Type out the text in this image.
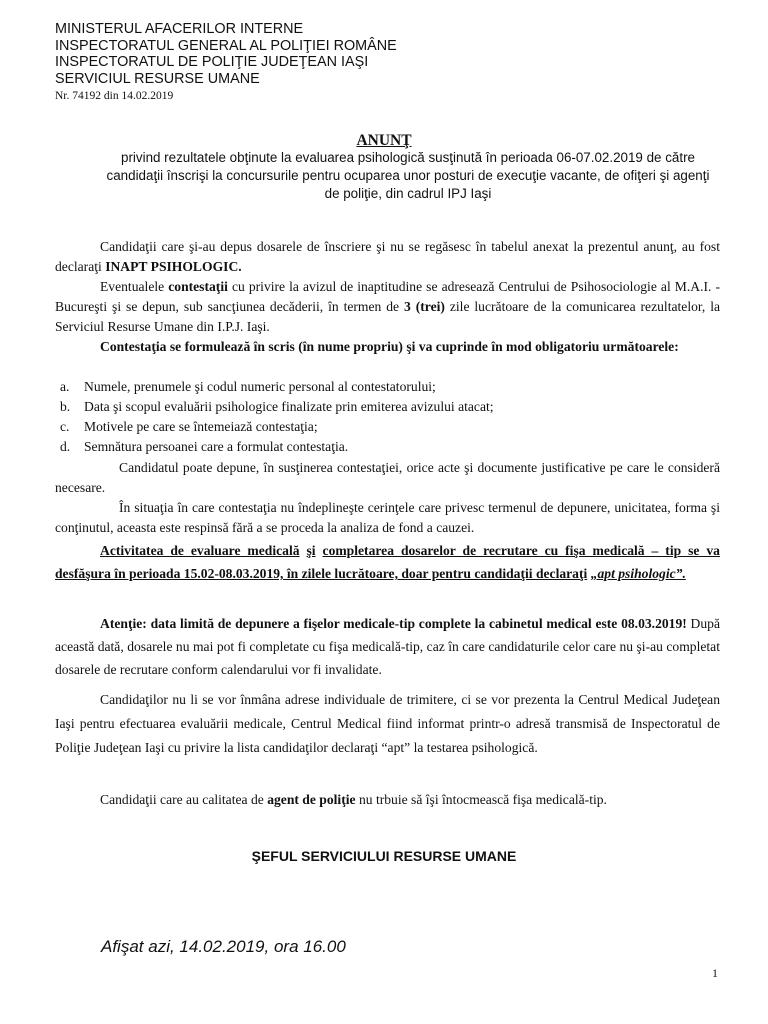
MINISTERUL AFACERILOR INTERNE
INSPECTORATUL GENERAL AL POLIŢIEI ROMÂNE
INSPECTORATUL DE POLIŢIE JUDEŢEAN IAŞI
SERVICIUL RESURSE UMANE
Nr. 74192 din 14.02.2019
ANUNŢ
privind rezultatele obţinute la evaluarea psihologică susţinută în perioada 06-07.02.2019 de către candidaţii înscrişi la concursurile pentru ocuparea unor posturi de execuţie vacante, de ofiţeri şi agenţi de poliţie, din cadrul IPJ Iaşi
Candidaţii care şi-au depus dosarele de înscriere şi nu se regăsesc în tabelul anexat la prezentul anunţ, au fost declaraţi INAPT PSIHOLOGIC.
Eventualele contestaţii cu privire la avizul de inaptitudine se adresează Centrului de Psihosociologie al M.A.I. - Bucureşti şi se depun, sub sancţiunea decăderii, în termen de 3 (trei) zile lucrătoare de la comunicarea rezultatelor, la Serviciul Resurse Umane din I.P.J. Iaşi.
Contestaţia se formulează în scris (în nume propriu) şi va cuprinde în mod obligatoriu următoarele:
a. Numele, prenumele şi codul numeric personal al contestatorului;
b. Data şi scopul evaluării psihologice finalizate prin emiterea avizului atacat;
c. Motivele pe care se întemeiază contestaţia;
d. Semnătura persoanei care a formulat contestaţia.
Candidatul poate depune, în susţinerea contestaţiei, orice acte şi documente justificative pe care le consideră necesare.
În situaţia în care contestaţia nu îndeplineşte cerinţele care privesc termenul de depunere, unicitatea, forma şi conţinutul, aceasta este respinsă fără a se proceda la analiza de fond a cauzei.
Activitatea de evaluare medicală şi completarea dosarelor de recrutare cu fişa medicală – tip se va desfăşura în perioada 15.02-08.03.2019, în zilele lucrătoare, doar pentru candidaţii declaraţi „apt psihologic”.
Atenţie: data limită de depunere a fişelor medicale-tip complete la cabinetul medical este 08.03.2019! După această dată, dosarele nu mai pot fi completate cu fişa medicală-tip, caz în care candidaturile celor care nu şi-au completat dosarele de recrutare conform calendarului vor fi invalidate.
Candidaţilor nu li se vor înmâna adrese individuale de trimitere, ci se vor prezenta la Centrul Medical Judeţean Iaşi pentru efectuarea evaluării medicale, Centrul Medical fiind informat printr-o adresă transmisă de Inspectoratul de Poliţie Judeţean Iaşi cu privire la lista candidaţilor declaraţi “apt” la testarea psihologică.
Candidaţii care au calitatea de agent de poliţie nu trbuie să îşi întocmească fişa medicală-tip.
ŞEFUL SERVICIULUI RESURSE UMANE
Afişat azi, 14.02.2019, ora 16.00
1
